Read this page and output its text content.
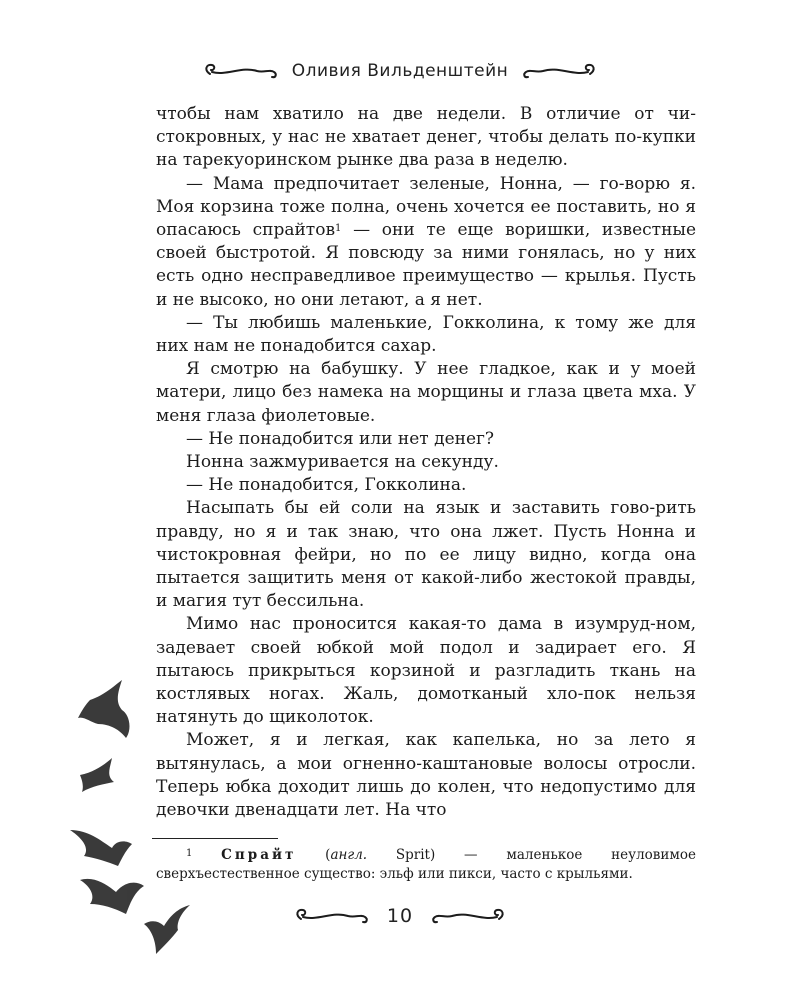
Оливия Вильденштейн

чтобы нам хватило на две недели. В отличие от чи-стокровных, у нас не хватает денег, чтобы делать по-купки на тарекуоринском рынке два раза в неделю.

— Мама предпочитает зеленые, Нонна, — го-ворю я. Моя корзина тоже полна, очень хочется ее поставить, но я опасаюсь спрайтов$^1$ — они те еще воришки, известные своей быстротой. Я повсюду за ними гонялась, но у них есть одно несправедливое преимущество — крылья. Пусть и не высоко, но они летают, а я нет.

— Ты любишь маленькие, Гокколина, к тому же для них нам не понадобится сахар.

Я смотрю на бабушку. У нее гладкое, как и у моей матери, лицо без намека на морщины и глаза цвета мха. У меня глаза фиолетовые.

— Не понадобится или нет денег?

Нонна зажмуривается на секунду.

— Не понадобится, Гокколина.

Насыпать бы ей соли на язык и заставить гово-рить правду, но я и так знаю, что она лжет. Пусть Нонна и чистокровная фейри, но по ее лицу видно, когда она пытается защитить меня от какой-либо жестокой правды, и магия тут бессильна.

Мимо нас проносится какая-то дама в изумруд-ном, задевает своей юбкой мой подол и задирает его. Я пытаюсь прикрыться корзиной и разгладить ткань на костлявых ногах. Жаль, домотканый хло-пок нельзя натянуть до щиколоток.

Может, я и легкая, как капелька, но за лето я вытянулась, а мои огненно-каштановые волосы отросли. Теперь юбка доходит лишь до колен, что недопустимо для девочки двенадцати лет. На что

$^1$ Спрайт (англ. Sprit) — маленькое неуловимое сверхъестественное существо: эльф или пикси, часто с крыльями.

10
